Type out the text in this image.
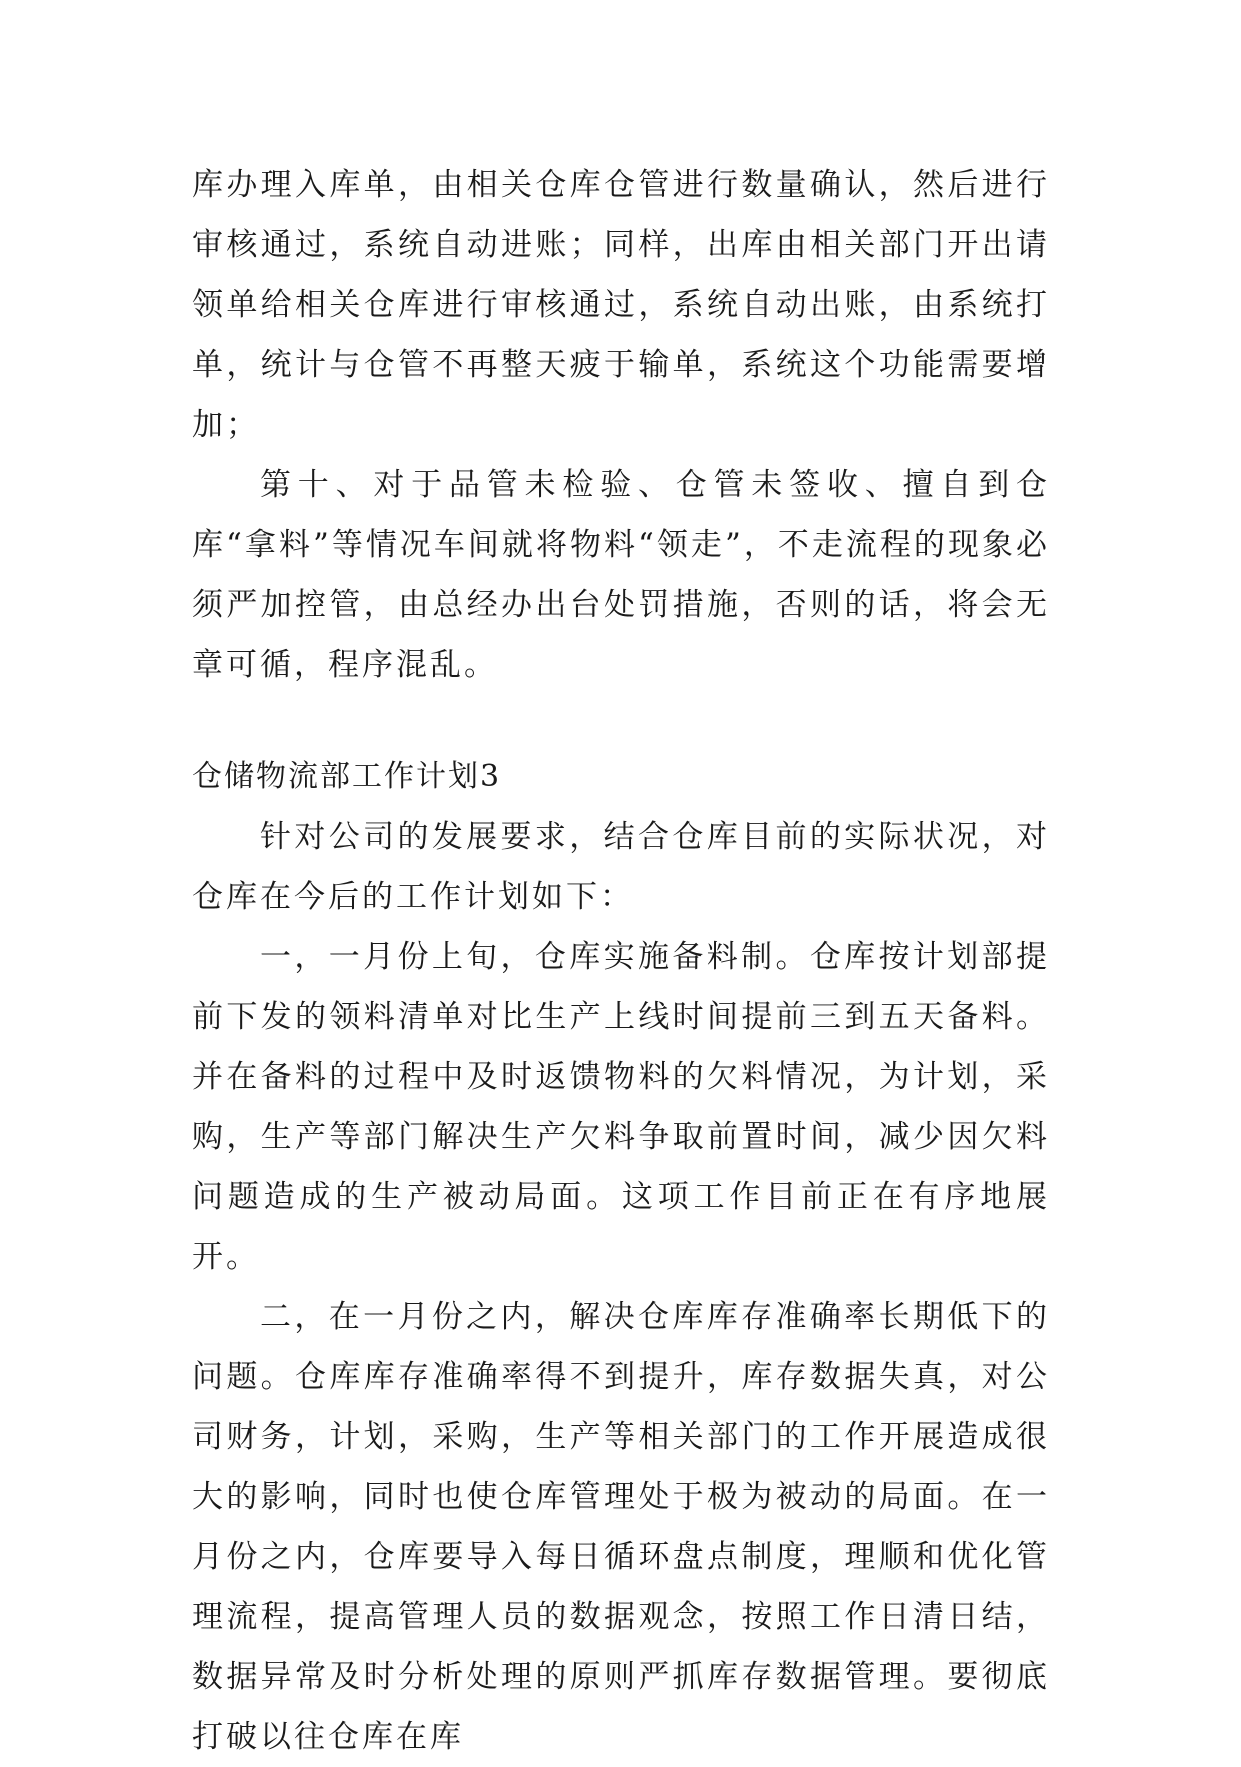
库办理入库单，由相关仓库仓管进行数量确认，然后进行审核通过，系统自动进账；同样，出库由相关部门开出请领单给相关仓库进行审核通过，系统自动出账，由系统打单，统计与仓管不再整天疲于输单，系统这个功能需要增加；

第十、对于品管未检验、仓管未签收、擅自到仓库“拿料”等情况车间就将物料“领走”，不走流程的现象必须严加控管，由总经办出台处罚措施，否则的话，将会无章可循，程序混乱。

仓储物流部工作计划3

针对公司的发展要求，结合仓库目前的实际状况，对仓库在今后的工作计划如下：

一，一月份上旬，仓库实施备料制。仓库按计划部提前下发的领料清单对比生产上线时间提前三到五天备料。并在备料的过程中及时返馈物料的欠料情况，为计划，采购，生产等部门解决生产欠料争取前置时间，减少因欠料问题造成的生产被动局面。这项工作目前正在有序地展开。

二，在一月份之内，解决仓库库存准确率长期低下的问题。仓库库存准确率得不到提升，库存数据失真，对公司财务，计划，采购，生产等相关部门的工作开展造成很大的影响，同时也使仓库管理处于极为被动的局面。在一月份之内，仓库要导入每日循环盘点制度，理顺和优化管理流程，提高管理人员的数据观念，按照工作日清日结，数据异常及时分析处理的原则严抓库存数据管理。要彻底打破以往仓库在库
